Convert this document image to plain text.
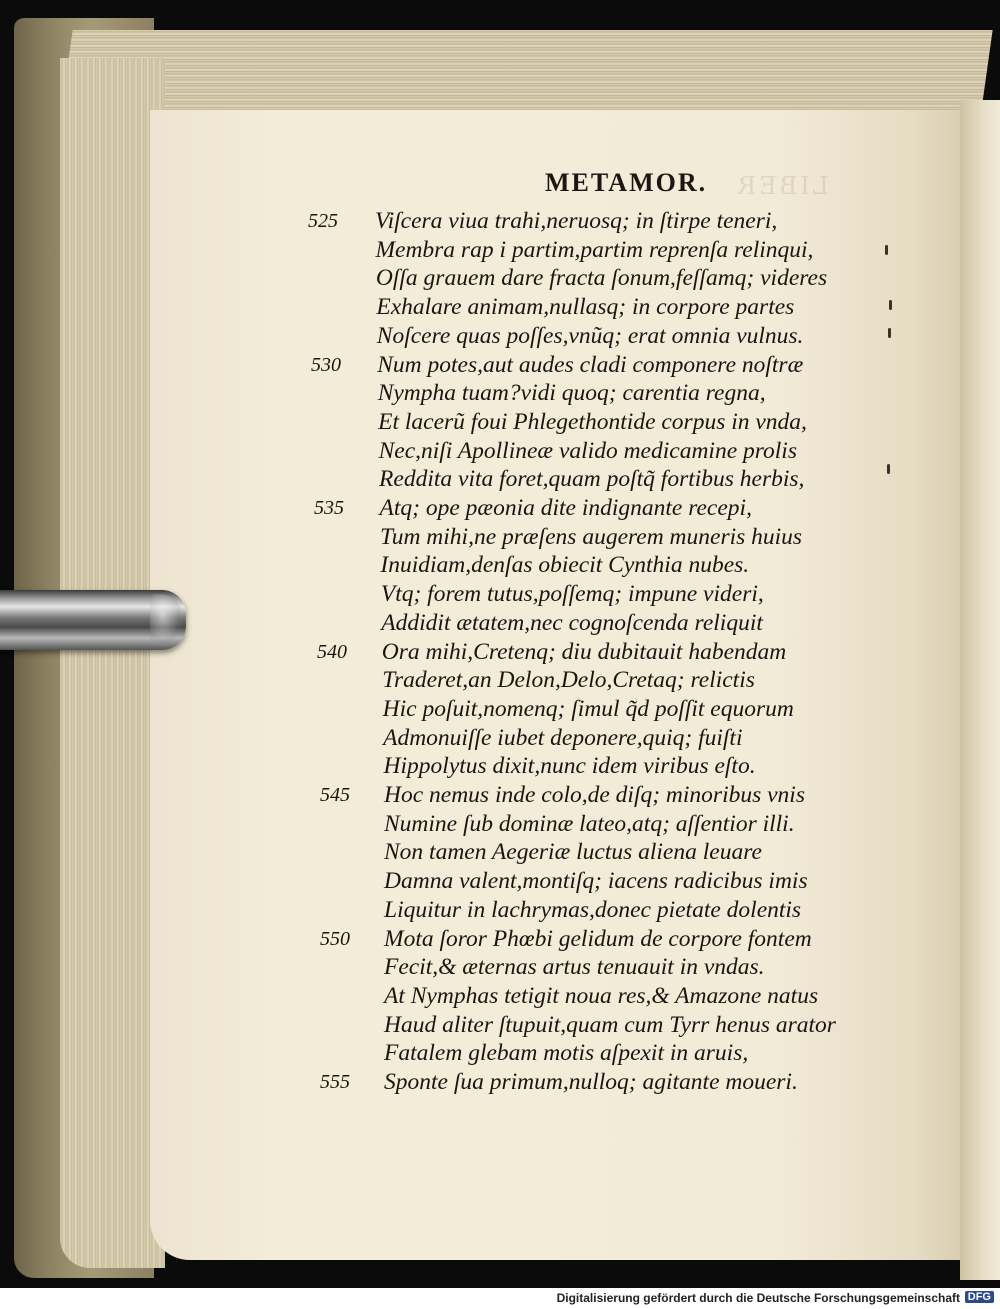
LIBER
METAMOR.
525 Viſcera viua trahi,neruosq; in ſtirpe teneri,
Membra rap i partim,partim reprenſa relinqui,
Oſſa grauem dare fracta ſonum,feſſamq; videres
Exhalare animam,nullasq; in corpore partes
Noſcere quas poſſes,vnũq; erat omnia vulnus.
530 Num potes,aut audes cladi componere noſtræ
Nympha tuam?vidi quoq; carentia regna,
Et lacerũ foui Phlegethontide corpus in vnda,
Nec,niſi Apollineæ valido medicamine prolis
Reddita vita foret,quam poſtq̃ fortibus herbis,
535 Atq; ope pæonia dite indignante recepi,
Tum mihi,ne præſens augerem muneris huius
Inuidiam,denſas obiecit Cynthia nubes.
Vtq; forem tutus,poſſemq; impune videri,
Addidit ætatem,nec cognoſcenda reliquit
540 Ora mihi,Cretenq; diu dubitauit habendam
Traderet,an Delon,Delo,Cretaq; relictis
Hic poſuit,nomenq; ſimul q̃d poſſit equorum
Admonuiſſe iubet deponere,quiq; fuiſti
Hippolytus dixit,nunc idem viribus eſto.
545 Hoc nemus inde colo,de diſq; minoribus vnis
Numine ſub dominæ lateo,atq; aſſentior illi.
Non tamen Aegeriæ luctus aliena leuare
Damna valent,montiſq; iacens radicibus imis
Liquitur in lachrymas,donec pietate dolentis
550 Mota ſoror Phœbi gelidum de corpore fontem
Fecit,& æternas artus tenuauit in vndas.
At Nymphas tetigit noua res,& Amazone natus
Haud aliter ſtupuit,quam cum Tyrr henus arator
Fatalem glebam motis aſpexit in aruis,
555 Sponte ſua primum,nulloq; agitante moueri.
Digitalisierung gefördert durch die Deutsche Forschungsgemeinschaft DFG
